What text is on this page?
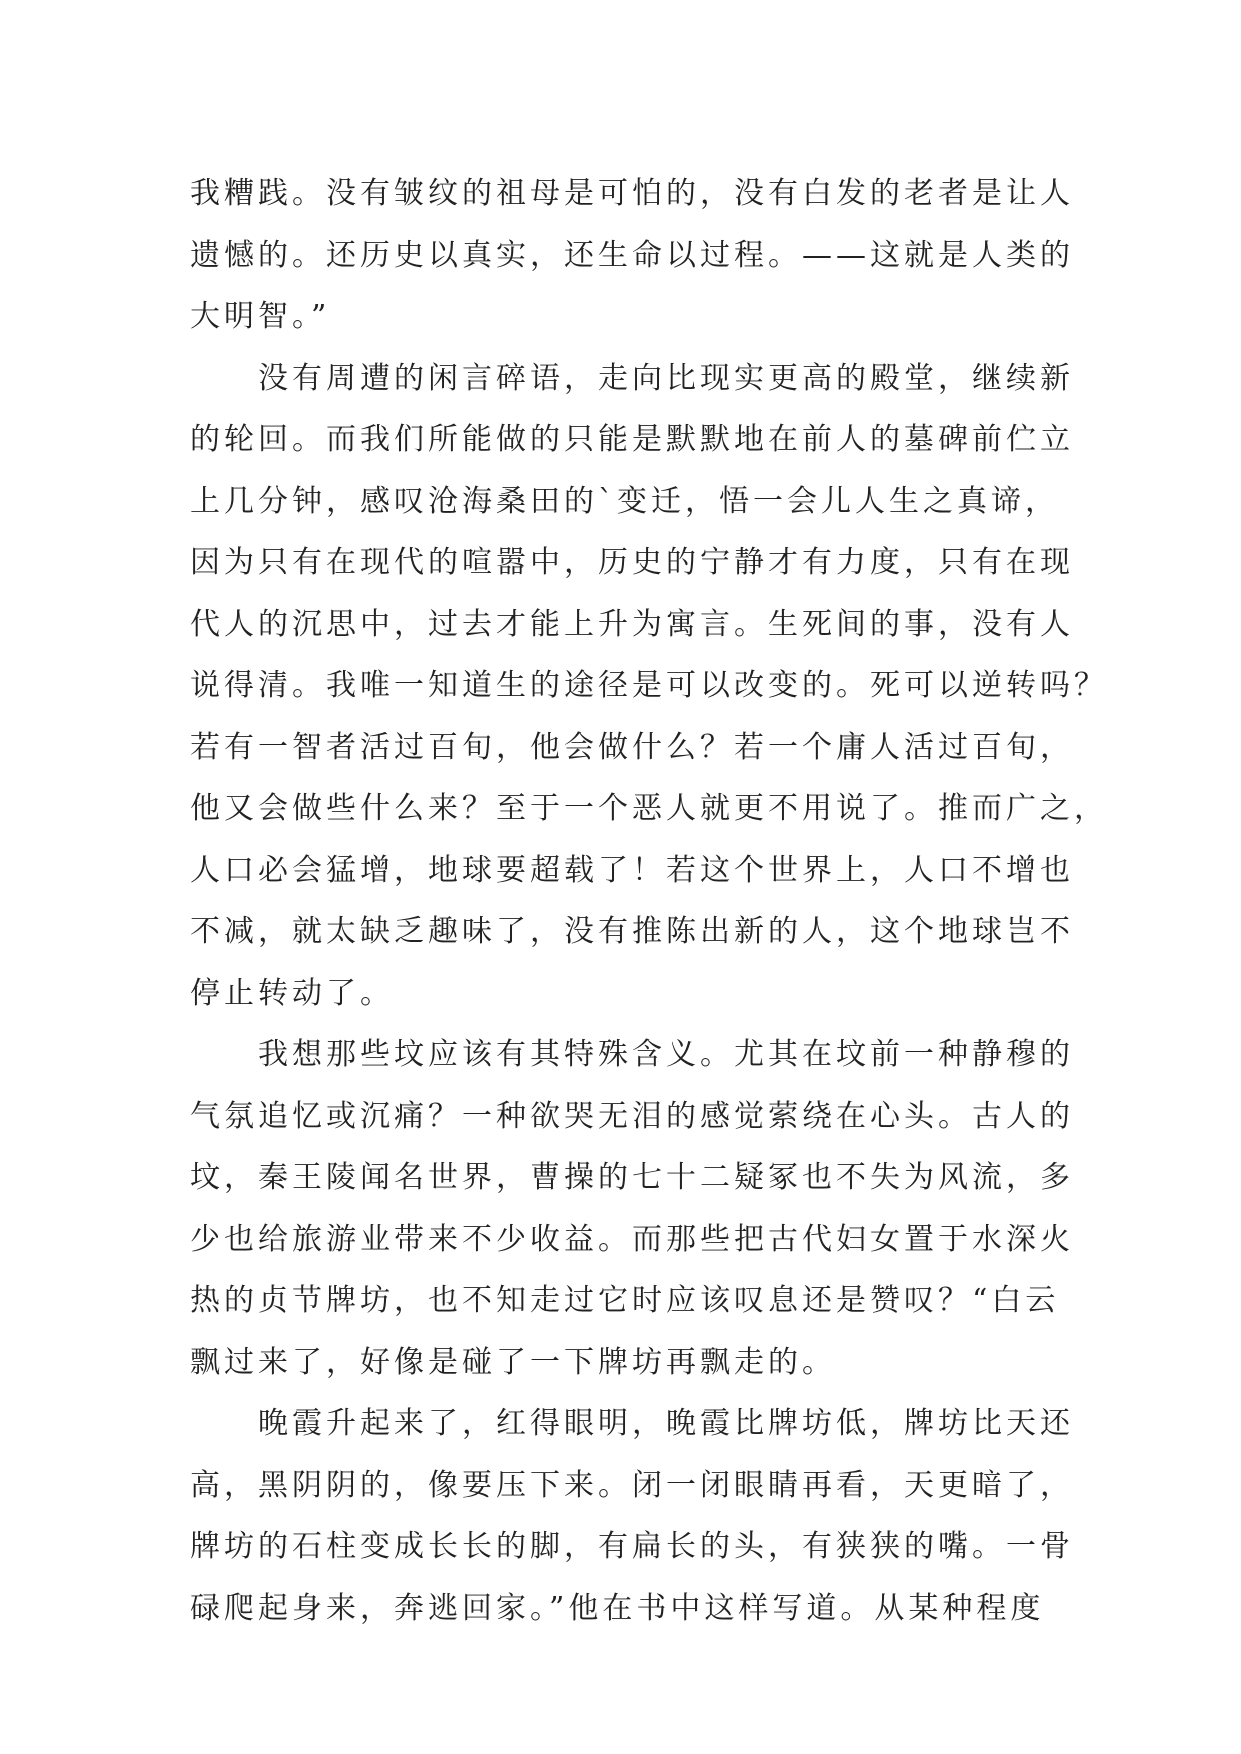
我糟践。没有皱纹的祖母是可怕的，没有白发的老者是让人
遗憾的。还历史以真实，还生命以过程。——这就是人类的
大明智。”
没有周遭的闲言碎语，走向比现实更高的殿堂，继续新
的轮回。而我们所能做的只能是默默地在前人的墓碑前伫立
上几分钟，感叹沧海桑田的`变迁，悟一会儿人生之真谛，
因为只有在现代的喧嚣中，历史的宁静才有力度，只有在现
代人的沉思中，过去才能上升为寓言。生死间的事，没有人
说得清。我唯一知道生的途径是可以改变的。死可以逆转吗？
若有一智者活过百旬，他会做什么？若一个庸人活过百旬，
他又会做些什么来？至于一个恶人就更不用说了。推而广之，
人口必会猛增，地球要超载了！若这个世界上，人口不增也
不减，就太缺乏趣味了，没有推陈出新的人，这个地球岂不
停止转动了。
我想那些坟应该有其特殊含义。尤其在坟前一种静穆的
气氛追忆或沉痛？一种欲哭无泪的感觉萦绕在心头。古人的
坟，秦王陵闻名世界，曹操的七十二疑冢也不失为风流，多
少也给旅游业带来不少收益。而那些把古代妇女置于水深火
热的贞节牌坊，也不知走过它时应该叹息还是赞叹？“白云
飘过来了，好像是碰了一下牌坊再飘走的。
晚霞升起来了，红得眼明，晚霞比牌坊低，牌坊比天还
高，黑阴阴的，像要压下来。闭一闭眼睛再看，天更暗了，
牌坊的石柱变成长长的脚，有扁长的头，有狭狭的嘴。一骨
碌爬起身来，奔逃回家。”他在书中这样写道。从某种程度
